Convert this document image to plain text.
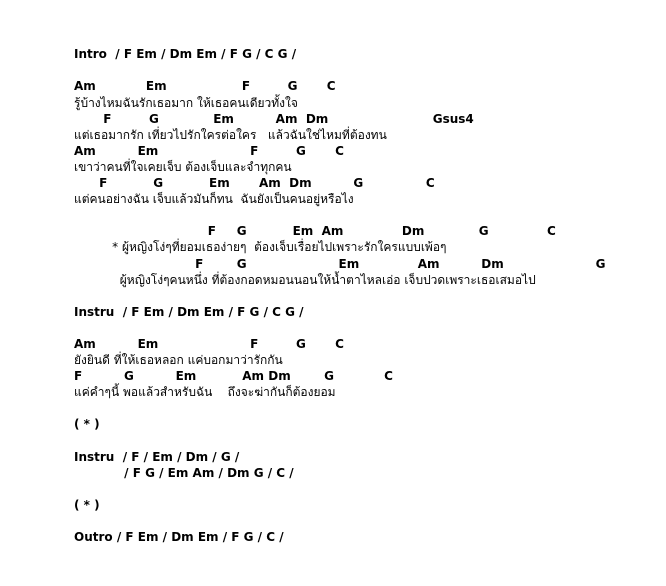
Intro  / F Em / Dm Em / F G / C G /
Am            Em                  F         G       C
รู้บ้างไหมฉันรักเธอมาก ให้เธอคนเดียวทั้งใจ
F         G             Em          Am  Dm                         Gsus4
แต่เธอมากรัก เที่ยวไปรักใครต่อใคร   แล้วฉันใช่ไหมที่ต้องทน
Am          Em                      F         G       C
เขาว่าคนที่ใจเคยเจ็บ ต้องเจ็บและจำทุกคน
F           G           Em       Am  Dm          G               C
แต่คนอย่างฉัน เจ็บแล้วมันก็ทน  ฉันยังเป็นคนอยู่หรือไง
F     G           Em  Am              Dm             G              C
* ผู้หญิงโง่ๆที่ยอมเธอง่ายๆ  ต้องเจ็บเรื่อยไปเพราะรักใครแบบเพ้อๆ
F        G                      Em              Am          Dm                      G
ผู้หญิงโง่ๆคนหนึ่ง ที่ต้องกอดหมอนนอนให้น้ำตาไหลเอ่อ เจ็บปวดเพราะเธอเสมอไป
Instru  / F Em / Dm Em / F G / C G /
Am          Em                      F         G       C
ยังยินดี ที่ให้เธอหลอก แค่บอกมาว่ารักกัน
F          G          Em           Am Dm        G            C
แค่คำๆนี้ พอแล้วสำหรับฉัน    ถึงจะฆ่ากันก็ต้องยอม
( * )
Instru  / F / Em / Dm / G /
/ F G / Em Am / Dm G / C /
( * )
Outro / F Em / Dm Em / F G / C /
